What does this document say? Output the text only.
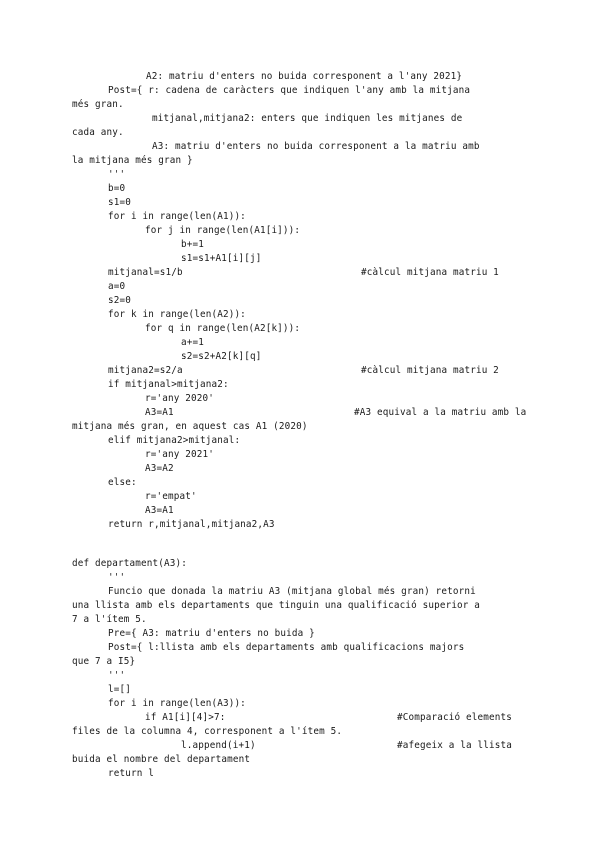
A2: matriu d'enters no buida corresponent a l'any 2021}
Post={ r: cadena de caràcters que indiquen l'any amb la mitjana
més gran.
mitjanal,mitjana2: enters que indiquen les mitjanes de
cada any.
A3: matriu d'enters no buida corresponent a la matriu amb
la mitjana més gran }
'''
b=0
s1=0
for i in range(len(A1)):
for j in range(len(A1[i])):
b+=1
s1=s1+A1[i][j]
mitjanal=s1/b	#càlcul mitjana matriu 1
a=0
s2=0
for k in range(len(A2)):
for q in range(len(A2[k])):
a+=1
s2=s2+A2[k][q]
mitjana2=s2/a	#càlcul mitjana matriu 2
if mitjanal>mitjana2:
r='any 2020'
A3=A1	#A3 equival a la matriu amb la
mitjana més gran, en aquest cas A1 (2020)
elif mitjana2>mitjanal:
r='any 2021'
A3=A2
else:
r='empat'
A3=A1
return r,mitjanal,mitjana2,A3
def departament(A3):
'''
Funcio que donada la matriu A3 (mitjana global més gran) retorni
una llista amb els departaments que tinguin una qualificació superior a
7 a l'ítem 5.
Pre={ A3: matriu d'enters no buida }
Post={ l:llista amb els departaments amb qualificacions majors
que 7 a I5}
'''
l=[]
for i in range(len(A3)):
if A1[i][4]>7:	#Comparació elements
files de la columna 4, corresponent a l'ítem 5.
l.append(i+1)	#afegeix a la llista
buida el nombre del departament
return l
